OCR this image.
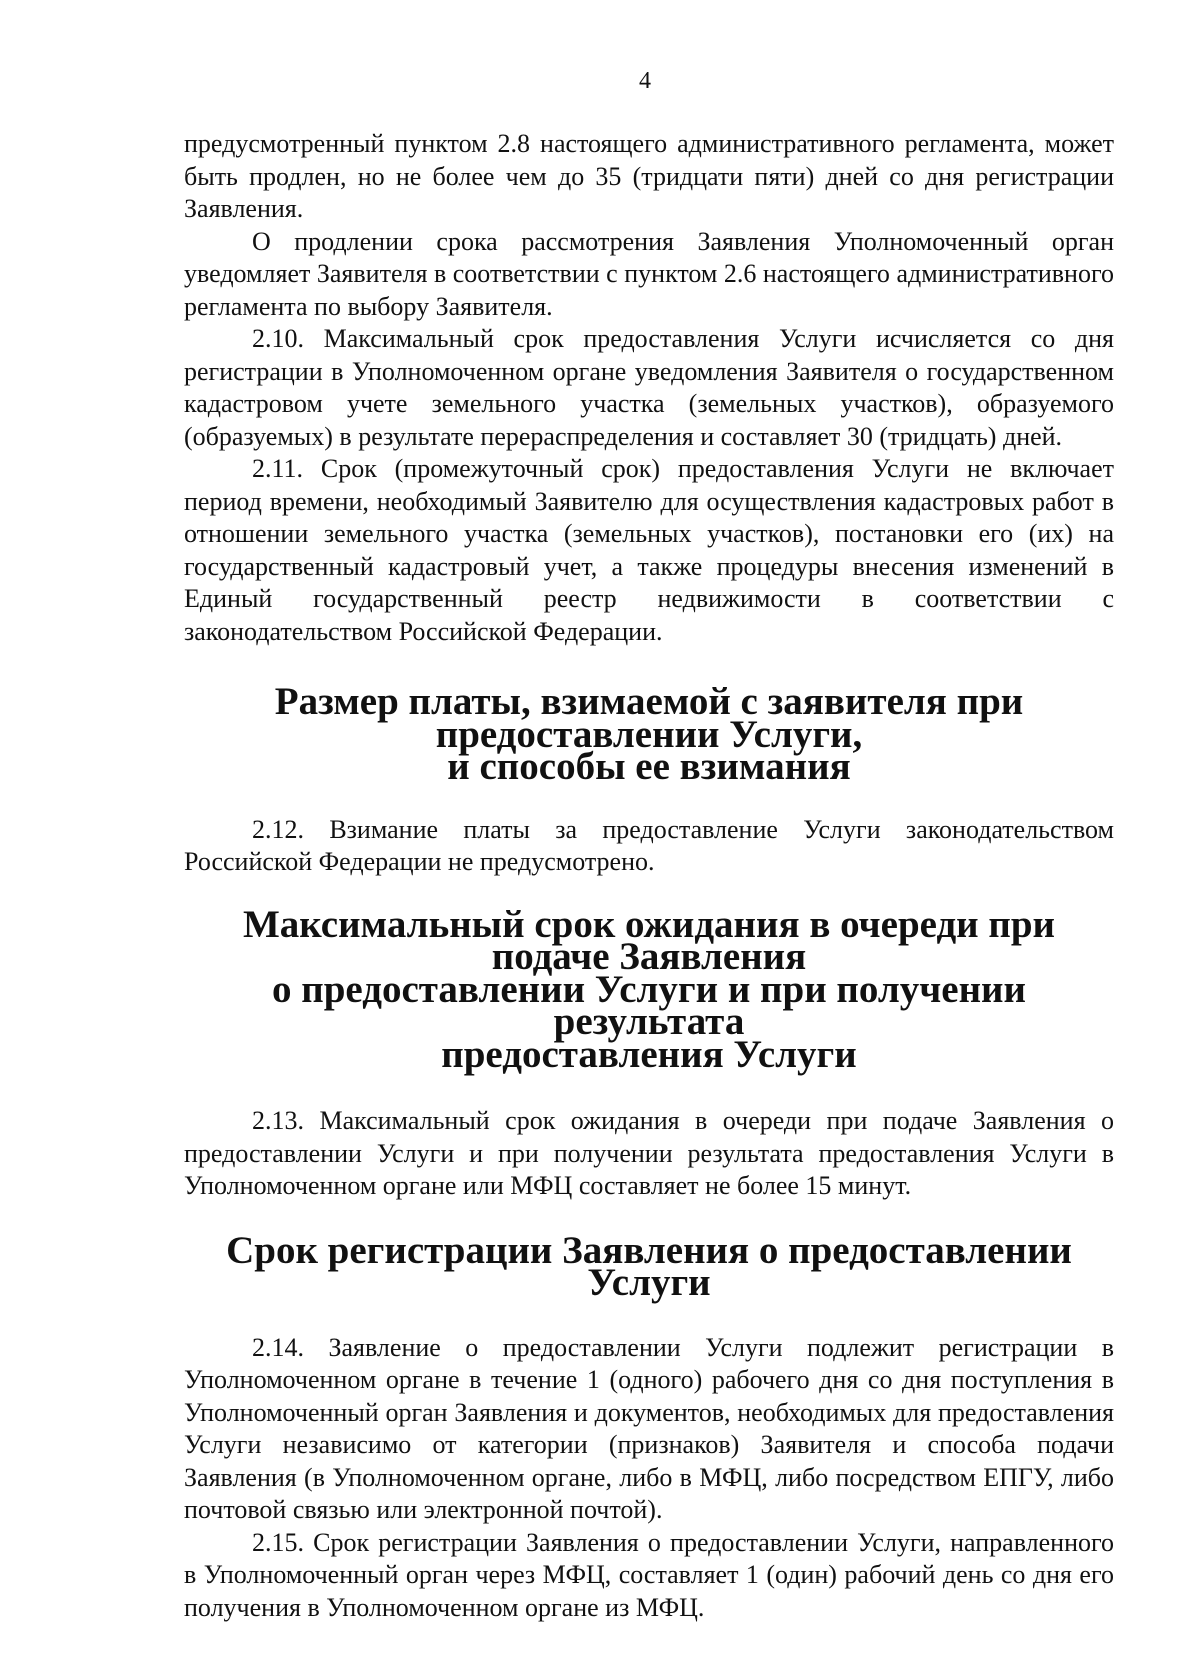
4

предусмотренный пунктом 2.8 настоящего административного регламента, может быть продлен, но не более чем до 35 (тридцати пяти) дней со дня регистрации Заявления.

О продлении срока рассмотрения Заявления Уполномоченный орган уведомляет Заявителя в соответствии с пунктом 2.6 настоящего административного регламента по выбору Заявителя.

2.10. Максимальный срок предоставления Услуги исчисляется со дня регистрации в Уполномоченном органе уведомления Заявителя о государственном кадастровом учете земельного участка (земельных участков), образуемого (образуемых) в результате перераспределения и составляет 30 (тридцать) дней.

2.11. Срок (промежуточный срок) предоставления Услуги не включает период времени, необходимый Заявителю для осуществления кадастровых работ в отношении земельного участка (земельных участков), постановки его (их) на государственный кадастровый учет, а также процедуры внесения изменений в Единый государственный реестр недвижимости в соответствии с законодательством Российской Федерации.

Размер платы, взимаемой с заявителя при предоставлении Услуги,
и способы ее взимания

2.12. Взимание платы за предоставление Услуги законодательством Российской Федерации не предусмотрено.

Максимальный срок ожидания в очереди при подаче Заявления
о предоставлении Услуги и при получении результата
предоставления Услуги

2.13. Максимальный срок ожидания в очереди при подаче Заявления о предоставлении Услуги и при получении результата предоставления Услуги в Уполномоченном органе или МФЦ составляет не более 15 минут.

Срок регистрации Заявления о предоставлении Услуги

2.14. Заявление о предоставлении Услуги подлежит регистрации в Уполномоченном органе в течение 1 (одного) рабочего дня со дня поступления в Уполномоченный орган Заявления и документов, необходимых для предоставления Услуги независимо от категории (признаков) Заявителя и способа подачи Заявления (в Уполномоченном органе, либо в МФЦ, либо посредством ЕПГУ, либо почтовой связью или электронной почтой).

2.15. Срок регистрации Заявления о предоставлении Услуги, направленного в Уполномоченный орган через МФЦ, составляет 1 (один) рабочий день со дня его получения в Уполномоченном органе из МФЦ.
